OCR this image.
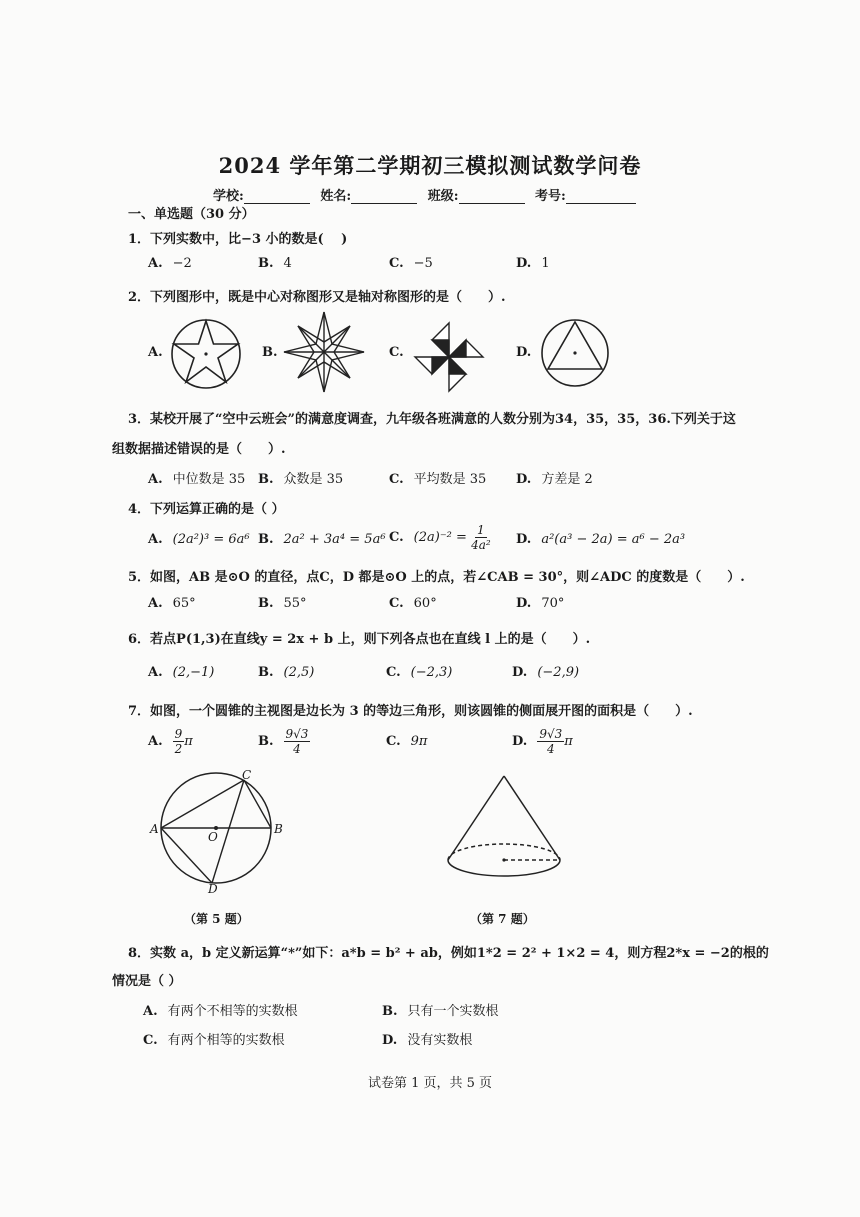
2024 学年第二学期初三模拟测试数学问卷
学校:	姓名:	班级:	考号:
一、单选题（30 分）
1．下列实数中，比−3 小的数是(　 )
A. −2	B. 4	C. −5	D. 1
2．下列图形中，既是中心对称图形又是轴对称图形的是（　　）.
A.	B.	C.	D.
3．某校开展了“空中云班会”的满意度调查，九年级各班满意的人数分别为34，35，35，36.下列关于这
组数据描述错误的是（　　）.
A. 中位数是 35 B. 众数是 35	C. 平均数是 35 D. 方差是 2
4．下列运算正确的是（ ）
A. (2a²)³ = 6a⁶ B. 2a² + 3a⁴ = 5a⁶ C. $(2a)^{-2} = \frac{1}{\text{4a²}} D$. a²(a³ − 2a) = a⁶ − 2a³
5．如图，AB 是⊙O 的直径，点C，D 都是⊙O 上的点，若∠CAB = 30°，则∠ADC 的度数是（　　）.
A. 65°	B. 55°	C. 60°	D. 70°
6．若点P(1,3)在直线y = 2x + b 上，则下列各点也在直线 l 上的是（　　）.
A. (2,−1)	B. (2,5)	C. (−2,3)	D. (−2,9)
7．如图，一个圆锥的主视图是边长为 3 的等边三角形，则该圆锥的侧面展开图的面积是（　　）.
A. $\frac{9}{2}$ π	B. $\frac{9√3}{4}$	C. 9π	D. $\frac{9√3}{4}$ π
A	B
C
D
O
（第 5 题）	（第 7 题）
8．实数 a，b 定义新运算“*”如下：a*b = b² + ab，例如1*2 = 2² + 1×2 = 4，则方程2*x = −2的根的
情况是（ ）
A. 有两个不相等的实数根	B. 只有一个实数根
C. 有两个相等的实数根	D. 没有实数根
试卷第 1 页，共 5 页
